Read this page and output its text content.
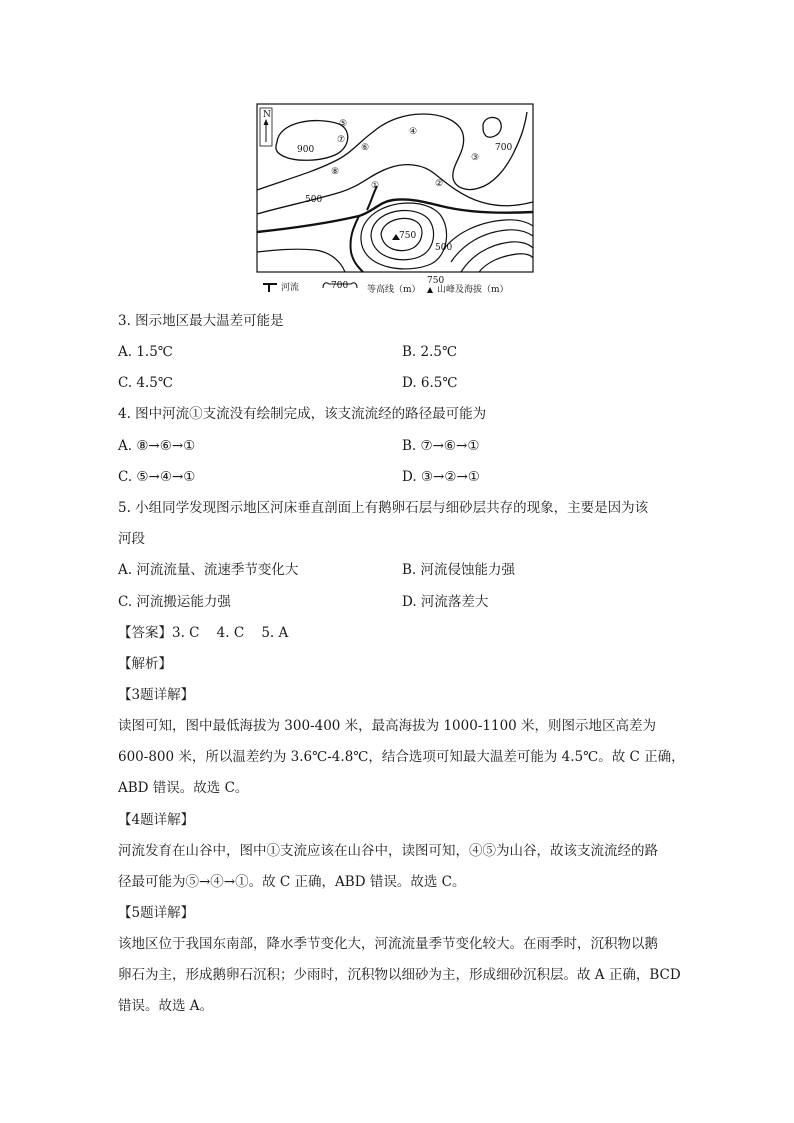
N
⑤
⑦
⑥
⑧
④
③
②
①
900	700
500
500
750
河流	700 等高线（m）
750
山峰及海拔（m）
3. 图示地区最大温差可能是
A. 1.5℃	B. 2.5℃
C. 4.5℃	D. 6.5℃
4. 图中河流①支流没有绘制完成，该支流流经的路径最可能为
A. ⑧→⑥→①	B. ⑦→⑥→①
C. ⑤→④→①	D. ③→②→①
5. 小组同学发现图示地区河床垂直剖面上有鹅卵石层与细砂层共存的现象，主要是因为该
河段
A. 河流流量、流速季节变化大	B. 河流侵蚀能力强
C. 河流搬运能力强	D. 河流落差大
【答案】3. C    4. C    5. A
【解析】
【3题详解】
读图可知，图中最低海拔为 300-400 米，最高海拔为 1000-1100 米，则图示地区高差为
600-800 米，所以温差约为 3.6℃-4.8℃，结合选项可知最大温差可能为 4.5℃。故 C 正确，
ABD 错误。故选 C。
【4题详解】
河流发育在山谷中，图中①支流应该在山谷中，读图可知，④⑤为山谷，故该支流流经的路
径最可能为⑤→④→①。故 C 正确，ABD 错误。故选 C。
【5题详解】
该地区位于我国东南部，降水季节变化大，河流流量季节变化较大。在雨季时，沉积物以鹅
卵石为主，形成鹅卵石沉积；少雨时，沉积物以细砂为主，形成细砂沉积层。故 A 正确，BCD
错误。故选 A。
